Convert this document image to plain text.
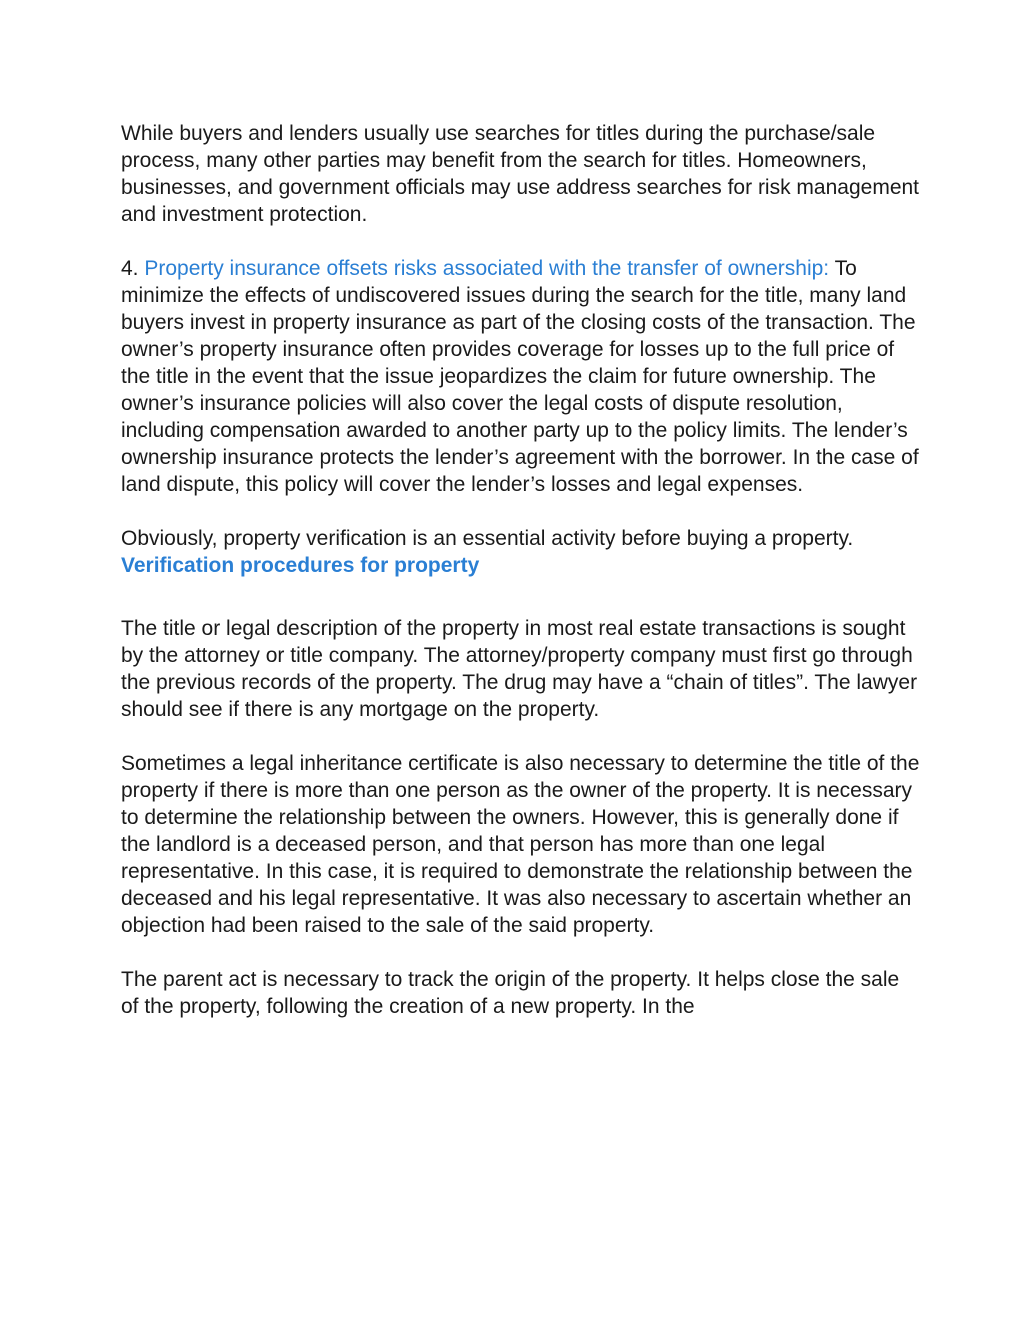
While buyers and lenders usually use searches for titles during the purchase/sale process, many other parties may benefit from the search for titles. Homeowners, businesses, and government officials may use address searches for risk management and investment protection.

4. Property insurance offsets risks associated with the transfer of ownership: To minimize the effects of undiscovered issues during the search for the title, many land buyers invest in property insurance as part of the closing costs of the transaction. The owner’s property insurance often provides coverage for losses up to the full price of the title in the event that the issue jeopardizes the claim for future ownership. The owner’s insurance policies will also cover the legal costs of dispute resolution, including compensation awarded to another party up to the policy limits. The lender’s ownership insurance protects the lender’s agreement with the borrower. In the case of land dispute, this policy will cover the lender’s losses and legal expenses.

Obviously, property verification is an essential activity before buying a property.

Verification procedures for property

The title or legal description of the property in most real estate transactions is sought by the attorney or title company. The attorney/property company must first go through the previous records of the property. The drug may have a “chain of titles”. The lawyer should see if there is any mortgage on the property.

Sometimes a legal inheritance certificate is also necessary to determine the title of the property if there is more than one person as the owner of the property. It is necessary to determine the relationship between the owners. However, this is generally done if the landlord is a deceased person, and that person has more than one legal representative. In this case, it is required to demonstrate the relationship between the deceased and his legal representative. It was also necessary to ascertain whether an objection had been raised to the sale of the said property.

The parent act is necessary to track the origin of the property. It helps close the sale of the property, following the creation of a new property. In the
